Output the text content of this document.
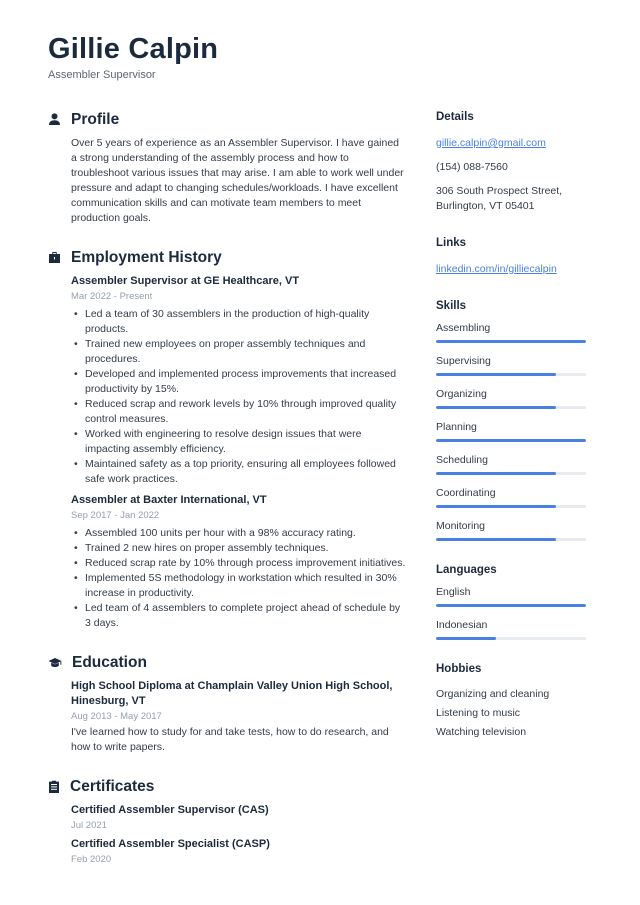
Gillie Calpin
Assembler Supervisor
Profile
Over 5 years of experience as an Assembler Supervisor. I have gained a strong understanding of the assembly process and how to troubleshoot various issues that may arise. I am able to work well under pressure and adapt to changing schedules/workloads. I have excellent communication skills and can motivate team members to meet production goals.
Employment History
Assembler Supervisor at GE Healthcare, VT
Mar 2022 - Present
• Led a team of 30 assemblers in the production of high-quality products.
• Trained new employees on proper assembly techniques and procedures.
• Developed and implemented process improvements that increased productivity by 15%.
• Reduced scrap and rework levels by 10% through improved quality control measures.
• Worked with engineering to resolve design issues that were impacting assembly efficiency.
• Maintained safety as a top priority, ensuring all employees followed safe work practices.
Assembler at Baxter International, VT
Sep 2017 - Jan 2022
• Assembled 100 units per hour with a 98% accuracy rating.
• Trained 2 new hires on proper assembly techniques.
• Reduced scrap rate by 10% through process improvement initiatives.
• Implemented 5S methodology in workstation which resulted in 30% increase in productivity.
• Led team of 4 assemblers to complete project ahead of schedule by 3 days.
Education
High School Diploma at Champlain Valley Union High School, Hinesburg, VT
Aug 2013 - May 2017
I've learned how to study for and take tests, how to do research, and how to write papers.
Certificates
Certified Assembler Supervisor (CAS)
Jul 2021
Certified Assembler Specialist (CASP)
Feb 2020
Details
gillie.calpin@gmail.com
(154) 088-7560
306 South Prospect Street,
Burlington, VT 05401
Links
linkedin.com/in/gilliecalpin
Skills
Assembling
Supervising
Organizing
Planning
Scheduling
Coordinating
Monitoring
Languages
English
Indonesian
Hobbies
Organizing and cleaning
Listening to music
Watching television
